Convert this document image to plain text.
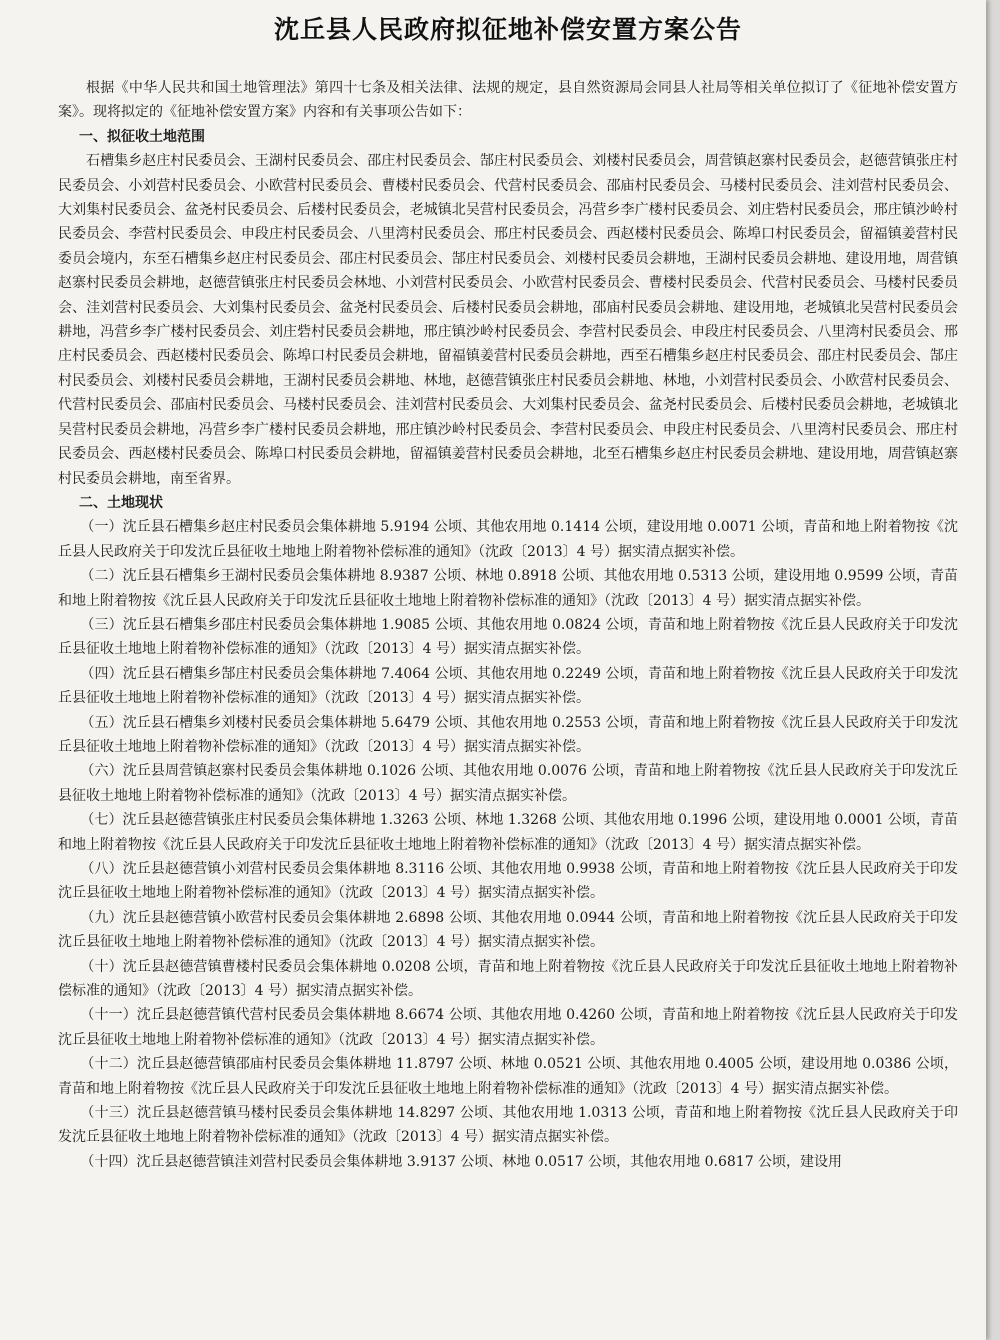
沈丘县人民政府拟征地补偿安置方案公告

根据《中华人民共和国土地管理法》第四十七条及相关法律、法规的规定，县自然资源局会同县人社局等相关单位拟订了《征地补偿安置方案》。现将拟定的《征地补偿安置方案》内容和有关事项公告如下：

一、拟征收土地范围

石槽集乡赵庄村民委员会、王湖村民委员会、邵庄村民委员会、郜庄村民委员会、刘楼村民委员会，周营镇赵寨村民委员会，赵德营镇张庄村民委员会、小刘营村民委员会、小欧营村民委员会、曹楼村民委员会、代营村民委员会、邵庙村民委员会、马楼村民委员会、洼刘营村民委员会、大刘集村民委员会、盆尧村民委员会、后楼村民委员会，老城镇北吴营村民委员会，冯营乡李广楼村民委员会、刘庄砦村民委员会，邢庄镇沙岭村民委员会、李营村民委员会、申段庄村民委员会、八里湾村民委员会、邢庄村民委员会、西赵楼村民委员会、陈埠口村民委员会，留福镇姜营村民委员会境内，东至石槽集乡赵庄村民委员会、邵庄村民委员会、郜庄村民委员会、刘楼村民委员会耕地，王湖村民委员会耕地、建设用地，周营镇赵寨村民委员会耕地，赵德营镇张庄村民委员会林地、小刘营村民委员会、小欧营村民委员会、曹楼村民委员会、代营村民委员会、马楼村民委员会、洼刘营村民委员会、大刘集村民委员会、盆尧村民委员会、后楼村民委员会耕地，邵庙村民委员会耕地、建设用地，老城镇北吴营村民委员会耕地，冯营乡李广楼村民委员会、刘庄砦村民委员会耕地，邢庄镇沙岭村民委员会、李营村民委员会、申段庄村民委员会、八里湾村民委员会、邢庄村民委员会、西赵楼村民委员会、陈埠口村民委员会耕地，留福镇姜营村民委员会耕地，西至石槽集乡赵庄村民委员会、邵庄村民委员会、郜庄村民委员会、刘楼村民委员会耕地，王湖村民委员会耕地、林地，赵德营镇张庄村民委员会耕地、林地，小刘营村民委员会、小欧营村民委员会、代营村民委员会、邵庙村民委员会、马楼村民委员会、洼刘营村民委员会、大刘集村民委员会、盆尧村民委员会、后楼村民委员会耕地，老城镇北吴营村民委员会耕地，冯营乡李广楼村民委员会耕地，邢庄镇沙岭村民委员会、李营村民委员会、申段庄村民委员会、八里湾村民委员会、邢庄村民委员会、西赵楼村民委员会、陈埠口村民委员会耕地，留福镇姜营村民委员会耕地，北至石槽集乡赵庄村民委员会耕地、建设用地，周营镇赵寨村民委员会耕地，南至省界。

二、土地现状

（一）沈丘县石槽集乡赵庄村民委员会集体耕地 5.9194 公顷、其他农用地 0.1414 公顷，建设用地 0.0071 公顷，青苗和地上附着物按《沈丘县人民政府关于印发沈丘县征收土地地上附着物补偿标准的通知》（沈政〔2013〕4 号）据实清点据实补偿。

（二）沈丘县石槽集乡王湖村民委员会集体耕地 8.9387 公顷、林地 0.8918 公顷、其他农用地 0.5313 公顷，建设用地 0.9599 公顷，青苗和地上附着物按《沈丘县人民政府关于印发沈丘县征收土地地上附着物补偿标准的通知》（沈政〔2013〕4 号）据实清点据实补偿。

（三）沈丘县石槽集乡邵庄村民委员会集体耕地 1.9085 公顷、其他农用地 0.0824 公顷，青苗和地上附着物按《沈丘县人民政府关于印发沈丘县征收土地地上附着物补偿标准的通知》（沈政〔2013〕4 号）据实清点据实补偿。

（四）沈丘县石槽集乡郜庄村民委员会集体耕地 7.4064 公顷、其他农用地 0.2249 公顷，青苗和地上附着物按《沈丘县人民政府关于印发沈丘县征收土地地上附着物补偿标准的通知》（沈政〔2013〕4 号）据实清点据实补偿。

（五）沈丘县石槽集乡刘楼村民委员会集体耕地 5.6479 公顷、其他农用地 0.2553 公顷，青苗和地上附着物按《沈丘县人民政府关于印发沈丘县征收土地地上附着物补偿标准的通知》（沈政〔2013〕4 号）据实清点据实补偿。

（六）沈丘县周营镇赵寨村民委员会集体耕地 0.1026 公顷、其他农用地 0.0076 公顷，青苗和地上附着物按《沈丘县人民政府关于印发沈丘县征收土地地上附着物补偿标准的通知》（沈政〔2013〕4 号）据实清点据实补偿。

（七）沈丘县赵德营镇张庄村民委员会集体耕地 1.3263 公顷、林地 1.3268 公顷、其他农用地 0.1996 公顷，建设用地 0.0001 公顷，青苗和地上附着物按《沈丘县人民政府关于印发沈丘县征收土地地上附着物补偿标准的通知》（沈政〔2013〕4 号）据实清点据实补偿。

（八）沈丘县赵德营镇小刘营村民委员会集体耕地 8.3116 公顷、其他农用地 0.9938 公顷，青苗和地上附着物按《沈丘县人民政府关于印发沈丘县征收土地地上附着物补偿标准的通知》（沈政〔2013〕4 号）据实清点据实补偿。

（九）沈丘县赵德营镇小欧营村民委员会集体耕地 2.6898 公顷、其他农用地 0.0944 公顷，青苗和地上附着物按《沈丘县人民政府关于印发沈丘县征收土地地上附着物补偿标准的通知》（沈政〔2013〕4 号）据实清点据实补偿。

（十）沈丘县赵德营镇曹楼村民委员会集体耕地 0.0208 公顷，青苗和地上附着物按《沈丘县人民政府关于印发沈丘县征收土地地上附着物补偿标准的通知》（沈政〔2013〕4 号）据实清点据实补偿。

（十一）沈丘县赵德营镇代营村民委员会集体耕地 8.6674 公顷、其他农用地 0.4260 公顷，青苗和地上附着物按《沈丘县人民政府关于印发沈丘县征收土地地上附着物补偿标准的通知》（沈政〔2013〕4 号）据实清点据实补偿。

（十二）沈丘县赵德营镇邵庙村民委员会集体耕地 11.8797 公顷、林地 0.0521 公顷、其他农用地 0.4005 公顷，建设用地 0.0386 公顷，青苗和地上附着物按《沈丘县人民政府关于印发沈丘县征收土地地上附着物补偿标准的通知》（沈政〔2013〕4 号）据实清点据实补偿。

（十三）沈丘县赵德营镇马楼村民委员会集体耕地 14.8297 公顷、其他农用地 1.0313 公顷，青苗和地上附着物按《沈丘县人民政府关于印发沈丘县征收土地地上附着物补偿标准的通知》（沈政〔2013〕4 号）据实清点据实补偿。

（十四）沈丘县赵德营镇洼刘营村民委员会集体耕地 3.9137 公顷、林地 0.0517 公顷，其他农用地 0.6817 公顷，建设用
